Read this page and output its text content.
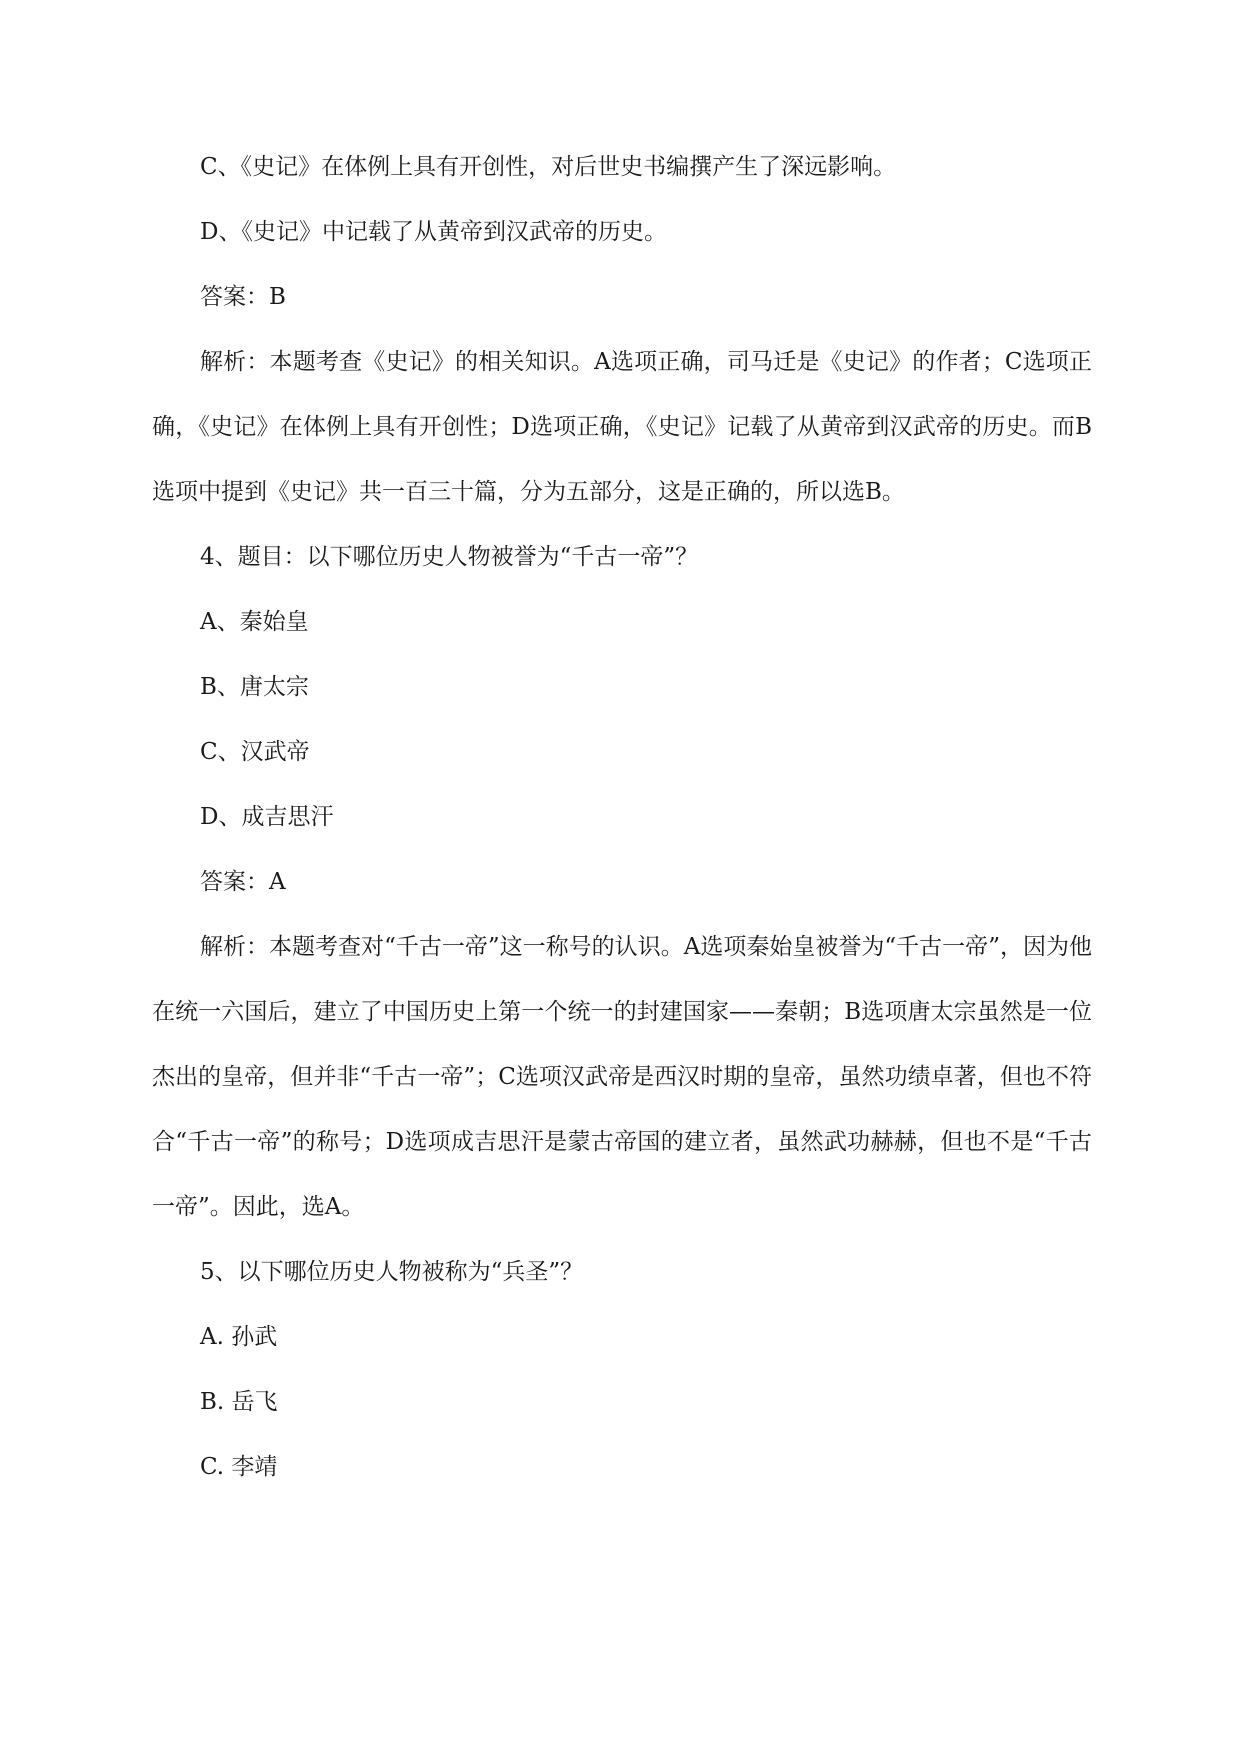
C、《史记》在体例上具有开创性，对后世史书编撰产生了深远影响。

D、《史记》中记载了从黄帝到汉武帝的历史。

答案：B

解析：本题考查《史记》的相关知识。A选项正确，司马迁是《史记》的作者；C选项正确，《史记》在体例上具有开创性；D选项正确，《史记》记载了从黄帝到汉武帝的历史。而B选项中提到《史记》共一百三十篇，分为五部分，这是正确的，所以选B。

4、题目：以下哪位历史人物被誉为“千古一帝”？

A、秦始皇

B、唐太宗

C、汉武帝

D、成吉思汗

答案：A

解析：本题考查对“千古一帝”这一称号的认识。A选项秦始皇被誉为“千古一帝”，因为他在统一六国后，建立了中国历史上第一个统一的封建国家——秦朝；B选项唐太宗虽然是一位杰出的皇帝，但并非“千古一帝”；C选项汉武帝是西汉时期的皇帝，虽然功绩卓著，但也不符合“千古一帝”的称号；D选项成吉思汗是蒙古帝国的建立者，虽然武功赫赫，但也不是“千古一帝”。因此，选A。

5、以下哪位历史人物被称为“兵圣”？

A. 孙武

B. 岳飞

C. 李靖
